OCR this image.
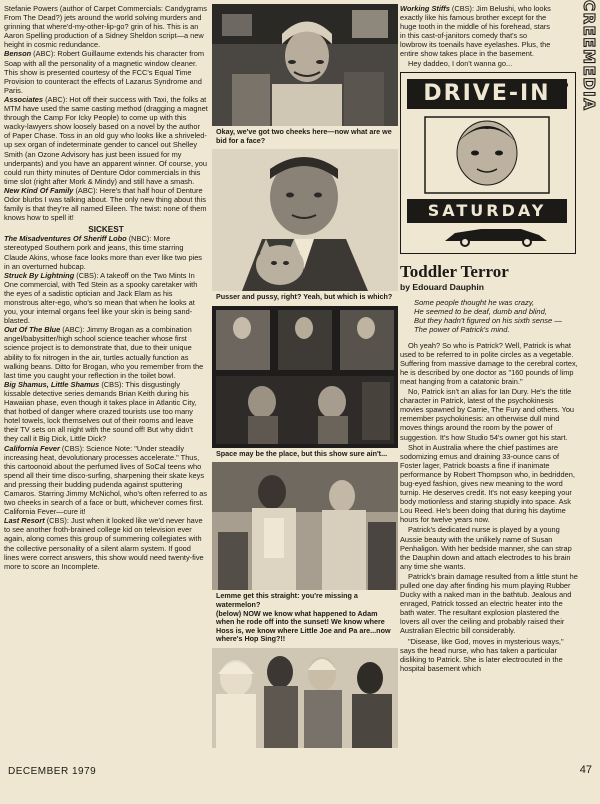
Stefanie Powers (author of Carpet Commercials: Candygrams From The Dead?) jets around the world solving murders and grinning that where'd-my-other-lip-go? grin of his. This is an Aaron Spelling production of a Sidney Sheldon script—a new height in cosmic redundance.

Benson (ABC): Robert Guillaume extends his character from Soap with all the personality of a magnetic window cleaner. This show is presented courtesy of the FCC's Equal Time Provision to counteract the effects of Lazarus Syndrome and Paris.

Associates (ABC): Hot off their success with Taxi, the folks at MTM have used the same casting method (dragging a magnet through the Camp For Icky People) to come up with this wacky-lawyers show loosely based on a novel by the author of Paper Chase. Toss in an old guy who looks like a shriveled-up sex organ of indeterminate gender to cancel out Shelley Smith (an Ozone Advisory has just been issued for my underpants) and you have an apparent winner. Of course, you could run thirty minutes of Denture Odor commercials in this time slot (right after Mork & Mindy) and still have a smash.

New Kind Of Family (ABC): Here's that half hour of Denture Odor blurbs I was talking about. The only new thing about this family is that they're all named Eileen. The twist: none of them knows how to spell it!

SICKEST

The Misadventures Of Sheriff Lobo (NBC): More stereotyped Southern pork and jeans, this time starring Claude Akins, whose face looks more than ever like two pies in an overturned hubcap.

Struck By Lightning (CBS): A takeoff on the Two Mints In One commercial, with Ted Stein as a spooky caretaker with the eyes of a sadistic optician and Jack Elam as his monstrous alter-ego, who's so mean that when he looks at you, your internal organs feel like your skin is being sand-blasted.

Out Of The Blue (ABC): Jimmy Brogan as a combination angel/babysitter/high school science teacher whose first science project is to demonstrate that, due to their unique ability to fix nitrogen in the air, turtles actually function as walking beans. Ditto for Brogan, who you remember from the last time you caught your reflection in the toilet bowl.

Big Shamus, Little Shamus (CBS): This disgustingly kissable detective series demands Brian Keith during his Hawaiian phase, even though it takes place in Atlantic City, that hotbed of danger where crazed tourists use too many hotel towels, lock themselves out of their rooms and leave their TV sets on all night with the sound off! But why didn't they call it Big Dick, Little Dick?

California Fever (CBS): Science Note: "Under steadily increasing heat, devolutionary processes accelerate." Thus, this cartoonoid about the perfumed lives of SoCal teens who spend all their time disco-surfing, sharpening their skate keys and pressing their budding pudenda against sputtering Camaros. Starring Jimmy McNichol, who's often referred to as two cheeks in search of a face or butt, whichever comes first. California Fever—cure it!

Last Resort (CBS): Just when it looked like we'd never have to see another froth-brained college kid on television ever again, along comes this group of summering collegiates with the collective personality of a silent alarm system. If good lines were correct answers, this show would need twenty-five more to score an Incomplete.

Okay, we've got two cheeks here—now what are we bid for a face?
Pusser and pussy, right? Yeah, but which is which?
Space may be the place, but this show sure ain't...
Lemme get this straight: you're missing a watermelon?
(below) NOW we know what happened to Adam when he rode off into the sunset! We know where Hoss is, we know where Little Joe and Pa are...now where's Hop Sing?!!

Working Stiffs (CBS): Jim Belushi, who looks exactly like his famous brother except for the huge tooth in the middle of his forehead, stars in this cast-of-janitors comedy that's so lowbrow its toenails have eyelashes. Plus, the entire show takes place in the basement.

Hey daddeo, I don't wanna go...

DRIVE-IN
SATURDAY
Toddler Terror
by Edouard Dauphin
Some people thought he was crazy,
He seemed to be deaf, dumb and blind,
But they hadn't figured on his sixth sense —
The power of Patrick's mind.

Oh yeah? So who is Patrick? Well, Patrick is what used to be referred to in polite circles as a vegetable. Suffering from massive damage to the cerebral cortex, he is described by one doctor as "160 pounds of limp meat hanging from a catatonic brain."

No, Patrick isn't an alias for Ian Dury. He's the title character in Patrick, latest of the psychokinesis movies spawned by Carrie, The Fury and others. You remember psychokinesis: an otherwise dull mind moves things around the room by the power of suggestion. It's how Studio 54's owner got his start.

Shot in Australia where the chief pastimes are sodomizing emus and draining 33-ounce cans of Foster lager, Patrick boasts a fine if inanimate performance by Robert Thompson who, in bedridden, bug-eyed fashion, gives new meaning to the word turnip. He deserves credit. It's not easy keeping your body motionless and staring stupidly into space. Ask Lou Reed. He's been doing that during his daytime hours for twelve years now.

Patrick's dedicated nurse is played by a young Aussie beauty with the unlikely name of Susan Penhaligon. With her bedside manner, she can strap the Dauphin down and attach electrodes to his brain any time she wants.

Patrick's brain damage resulted from a little stunt he pulled one day after finding his mum playing Rubber Ducky with a naked man in the bathtub. Jealous and enraged, Patrick tossed an electric heater into the bath water. The resultant explosion plastered the lovers all over the ceiling and probably raised their Australian Electric bill considerably.

"Disease, like God, moves in mysterious ways," says the head nurse, who has taken a particular disliking to Patrick. She is later electrocuted in the hospital basement which

CREEMEDIA
DECEMBER 1979	47
